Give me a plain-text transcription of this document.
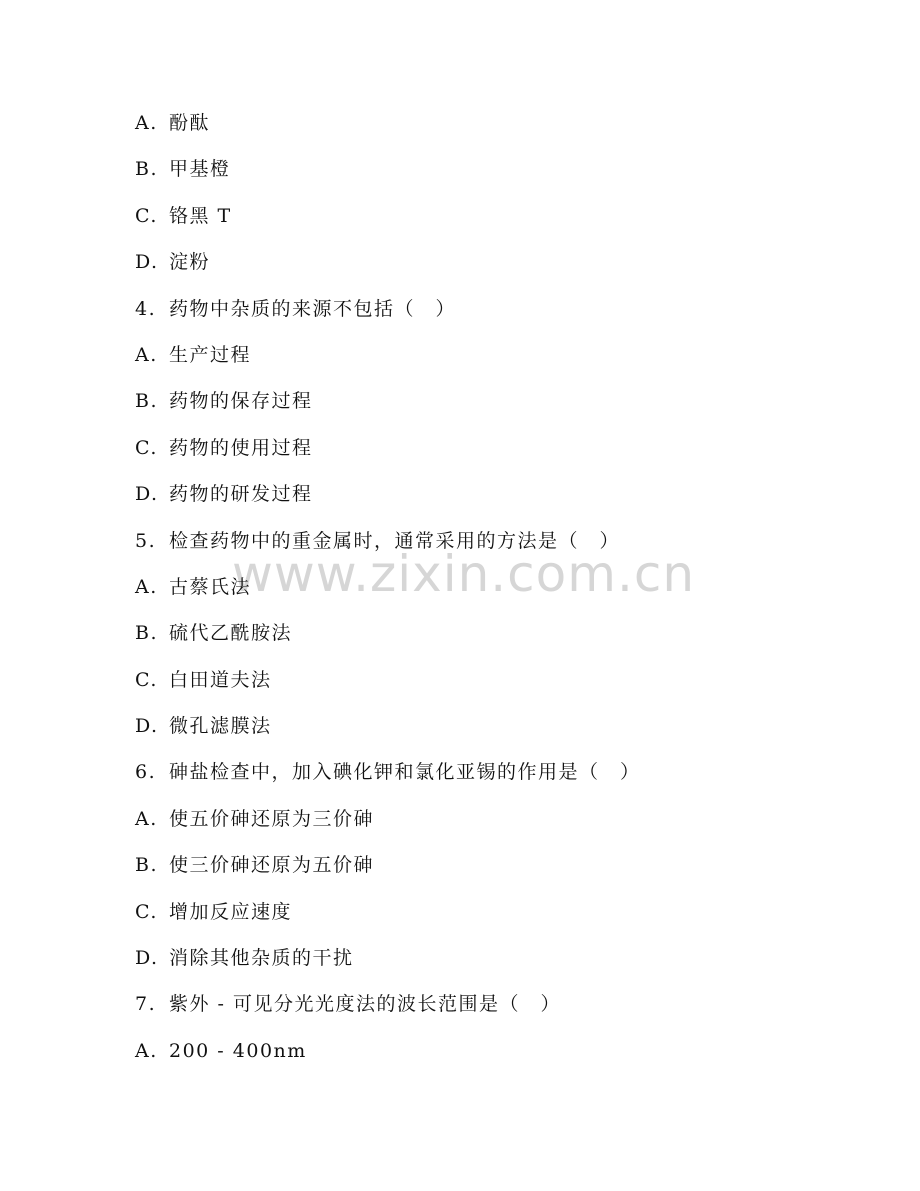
www.zixin.com.cn
A. 酚酞
B. 甲基橙
C. 铬黑 T
D. 淀粉
4. 药物中杂质的来源不包括（　）
A. 生产过程
B. 药物的保存过程
C. 药物的使用过程
D. 药物的研发过程
5. 检查药物中的重金属时，通常采用的方法是（　）
A. 古蔡氏法
B. 硫代乙酰胺法
C. 白田道夫法
D. 微孔滤膜法
6. 砷盐检查中，加入碘化钾和氯化亚锡的作用是（　）
A. 使五价砷还原为三价砷
B. 使三价砷还原为五价砷
C. 增加反应速度
D. 消除其他杂质的干扰
7. 紫外 - 可见分光光度法的波长范围是（　）
A. 200 - 400nm
